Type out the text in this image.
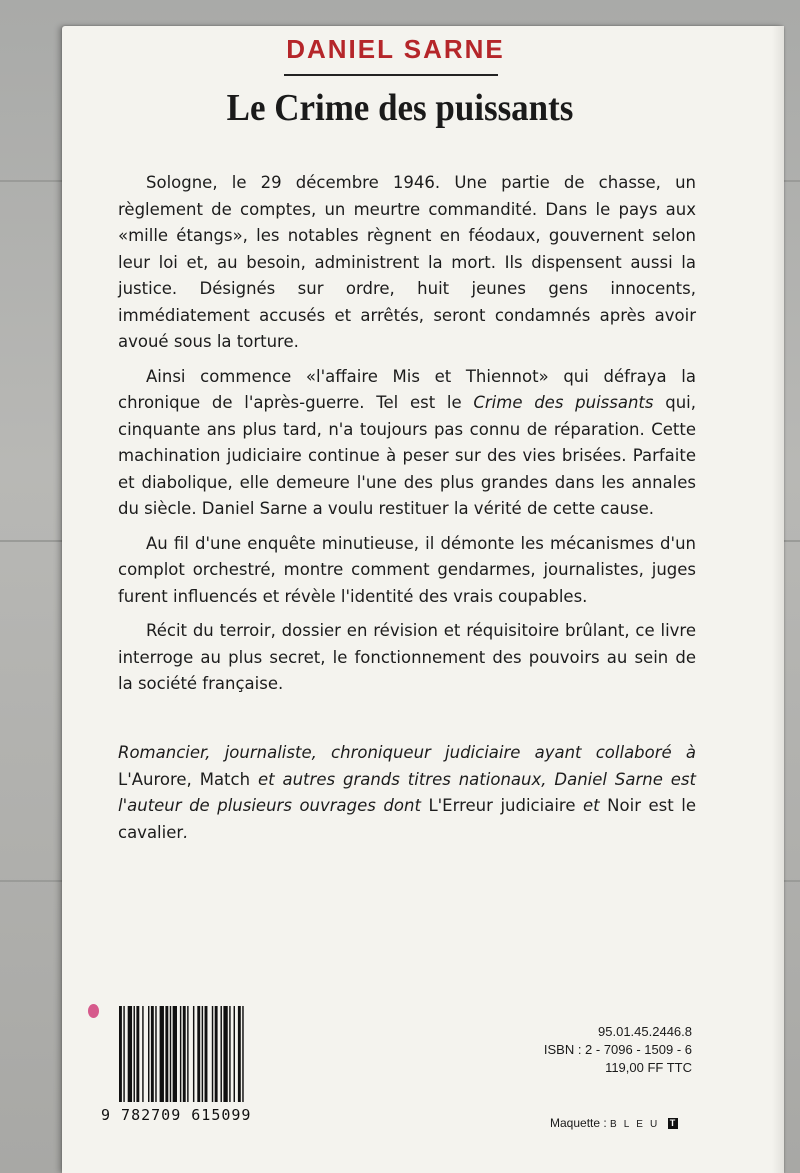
DANIEL SARNE
Le Crime des puissants

Sologne, le 29 décembre 1946. Une partie de chasse, un règlement de comptes, un meurtre commandité. Dans le pays aux «mille étangs», les notables règnent en féodaux, gouvernent selon leur loi et, au besoin, administrent la mort. Ils dispensent aussi la justice. Désignés sur ordre, huit jeunes gens innocents, immédiatement accusés et arrêtés, seront condamnés après avoir avoué sous la torture.

Ainsi commence «l'affaire Mis et Thiennot» qui défraya la chronique de l'après-guerre. Tel est le Crime des puissants qui, cinquante ans plus tard, n'a toujours pas connu de réparation. Cette machination judiciaire continue à peser sur des vies brisées. Parfaite et diabolique, elle demeure l'une des plus grandes dans les annales du siècle. Daniel Sarne a voulu restituer la vérité de cette cause.

Au fil d'une enquête minutieuse, il démonte les mécanismes d'un complot orchestré, montre comment gendarmes, journalistes, juges furent influencés et révèle l'identité des vrais coupables.

Récit du terroir, dossier en révision et réquisitoire brûlant, ce livre interroge au plus secret, le fonctionnement des pouvoirs au sein de la société française.

Romancier, journaliste, chroniqueur judiciaire ayant collaboré à L'Aurore, Match et autres grands titres nationaux, Daniel Sarne est l'auteur de plusieurs ouvrages dont L'Erreur judiciaire et Noir est le cavalier.

9 782709 615099
95.01.45.2446.8
ISBN : 2 - 7096 - 1509 - 6
119,00 FF TTC
Maquette : BLEU T
